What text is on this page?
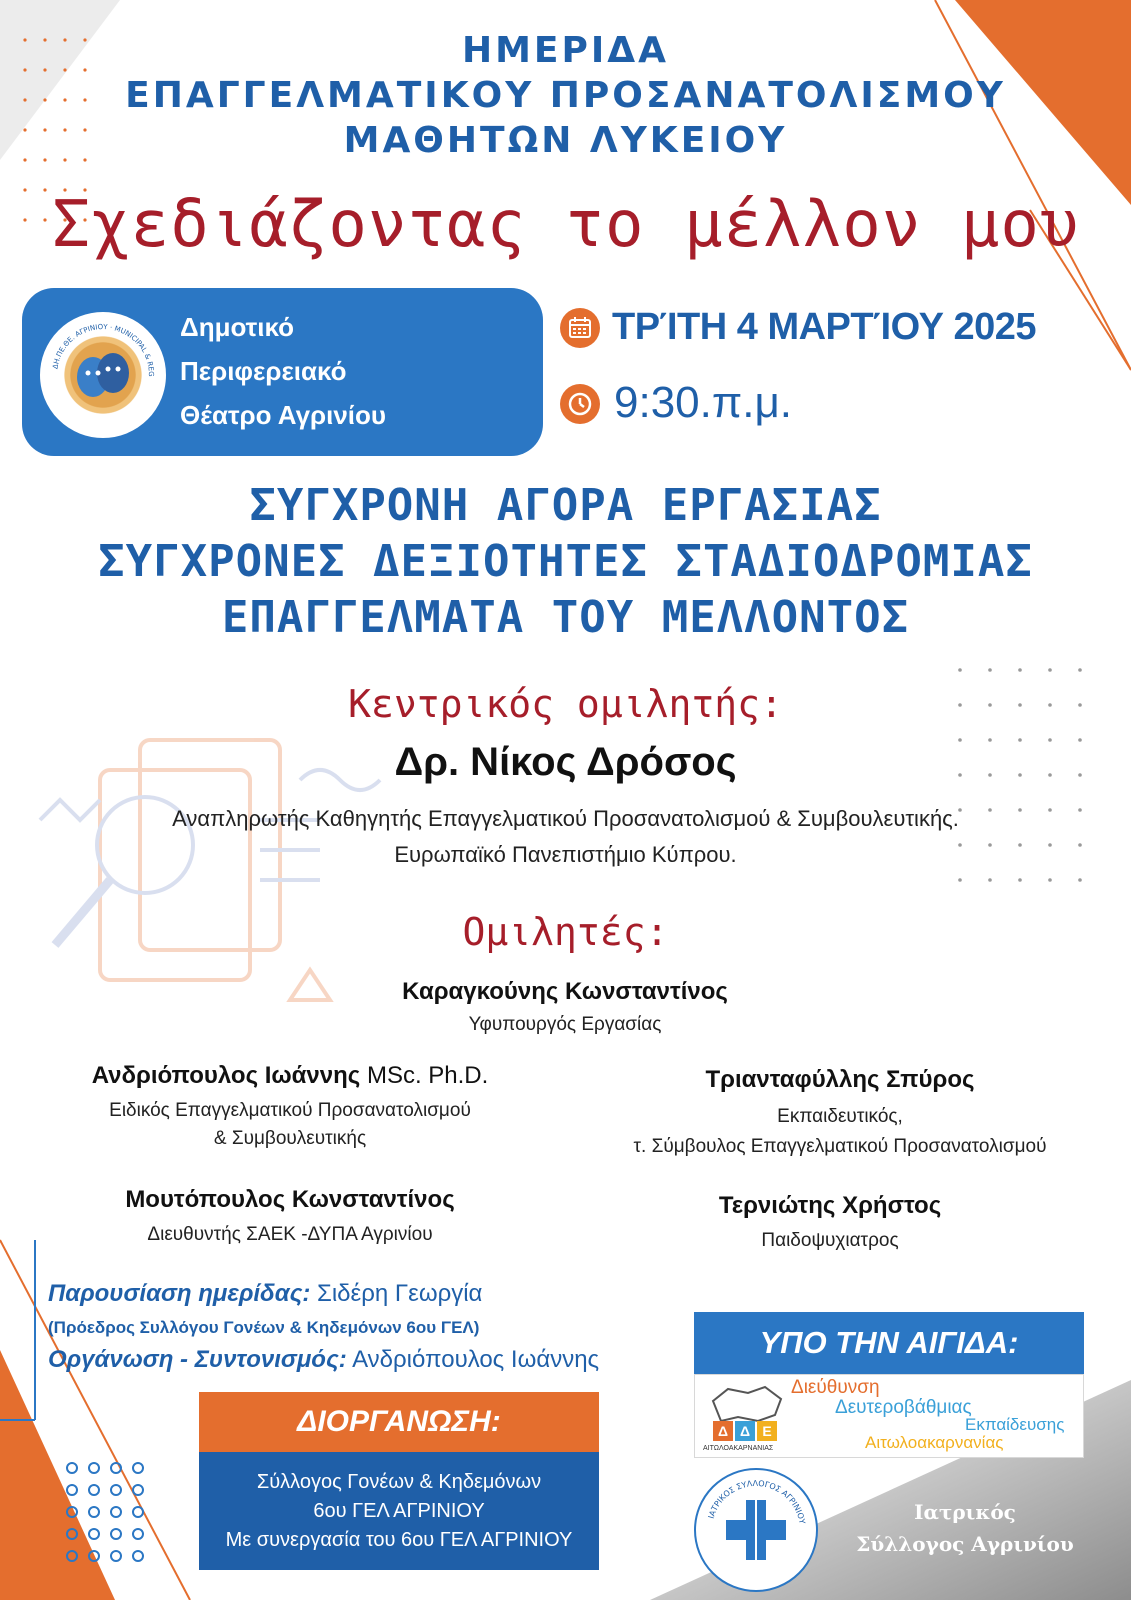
ΗΜΕΡΙΔΑ
ΕΠΑΓΓΕΛΜΑΤΙΚΟΥ ΠΡΟΣΑΝΑΤΟΛΙΣΜΟΥ
ΜΑΘΗΤΩΝ ΛΥΚΕΙΟΥ
Σχεδιάζοντας το μέλλον μου
ΔΗ.ΠΕ.ΘΕ. ΑΓΡΙΝΙΟΥ · MUNICIPAL & REG
Δημοτικό
Περιφερειακό
Θέατρο Αγρινίου
ΤΡΊΤΗ 4 ΜΑΡΤΊΟΥ 2025
9:30.π.μ.
ΣΥΓΧΡΟΝΗ ΑΓΟΡΑ ΕΡΓΑΣΙΑΣ
ΣΥΓΧΡΟΝΕΣ ΔΕΞΙΟΤΗΤΕΣ ΣΤΑΔΙΟΔΡΟΜΙΑΣ
ΕΠΑΓΓΕΛΜΑΤΑ ΤΟΥ ΜΕΛΛΟΝΤΟΣ
Κεντρικός ομιλητής:
Δρ. Νίκος Δρόσος
Αναπληρωτής Καθηγητής Επαγγελματικού Προσανατολισμού & Συμβουλευτικής.
Ευρωπαϊκό Πανεπιστήμιο Κύπρου.
Ομιλητές:
Καραγκούνης Κωνσταντίνος
Υφυπουργός Εργασίας
Ανδριόπουλος Ιωάννης MSc. Ph.D.
Ειδικός Επαγγελματικού Προσανατολισμού
& Συμβουλευτικής
Τριανταφύλλης Σπύρος
Εκπαιδευτικός,
τ. Σύμβουλος Επαγγελματικού Προσανατολισμού
Μουτόπουλος Κωνσταντίνος
Διευθυντής ΣΑΕΚ -ΔΥΠΑ Αγρινίου
Τερνιώτης Χρήστος
Παιδοψυχιατρος
Παρουσίαση ημερίδας: Σιδέρη Γεωργία
(Πρόεδρος Συλλόγου Γονέων & Κηδεμόνων 6ου ΓΕΛ)
Οργάνωση - Συντονισμός: Ανδριόπουλος Ιωάννης
ΔΙΟΡΓΑΝΩΣΗ:
Σύλλογος Γονέων & Κηδεμόνων
6ου ΓΕΛ ΑΓΡΙΝΙΟΥ
Με συνεργασία του 6ου ΓΕΛ ΑΓΡΙΝΙΟΥ
ΥΠΟ ΤΗΝ ΑΙΓΙΔΑ:
Δ Δ Ε
ΑΙΤΩΛΟΑΚΑΡΝΑΝΙΑΣ
Διεύθυνση
Δευτεροβάθμιας
Εκπαίδευσης
Αιτωλοακαρνανίας
ΙΑΤΡΙΚΟΣ ΣΥΛΛΟΓΟΣ ΑΓΡΙΝΙΟΥ	Ιατρικός
Σύλλογος Αγρινίου
